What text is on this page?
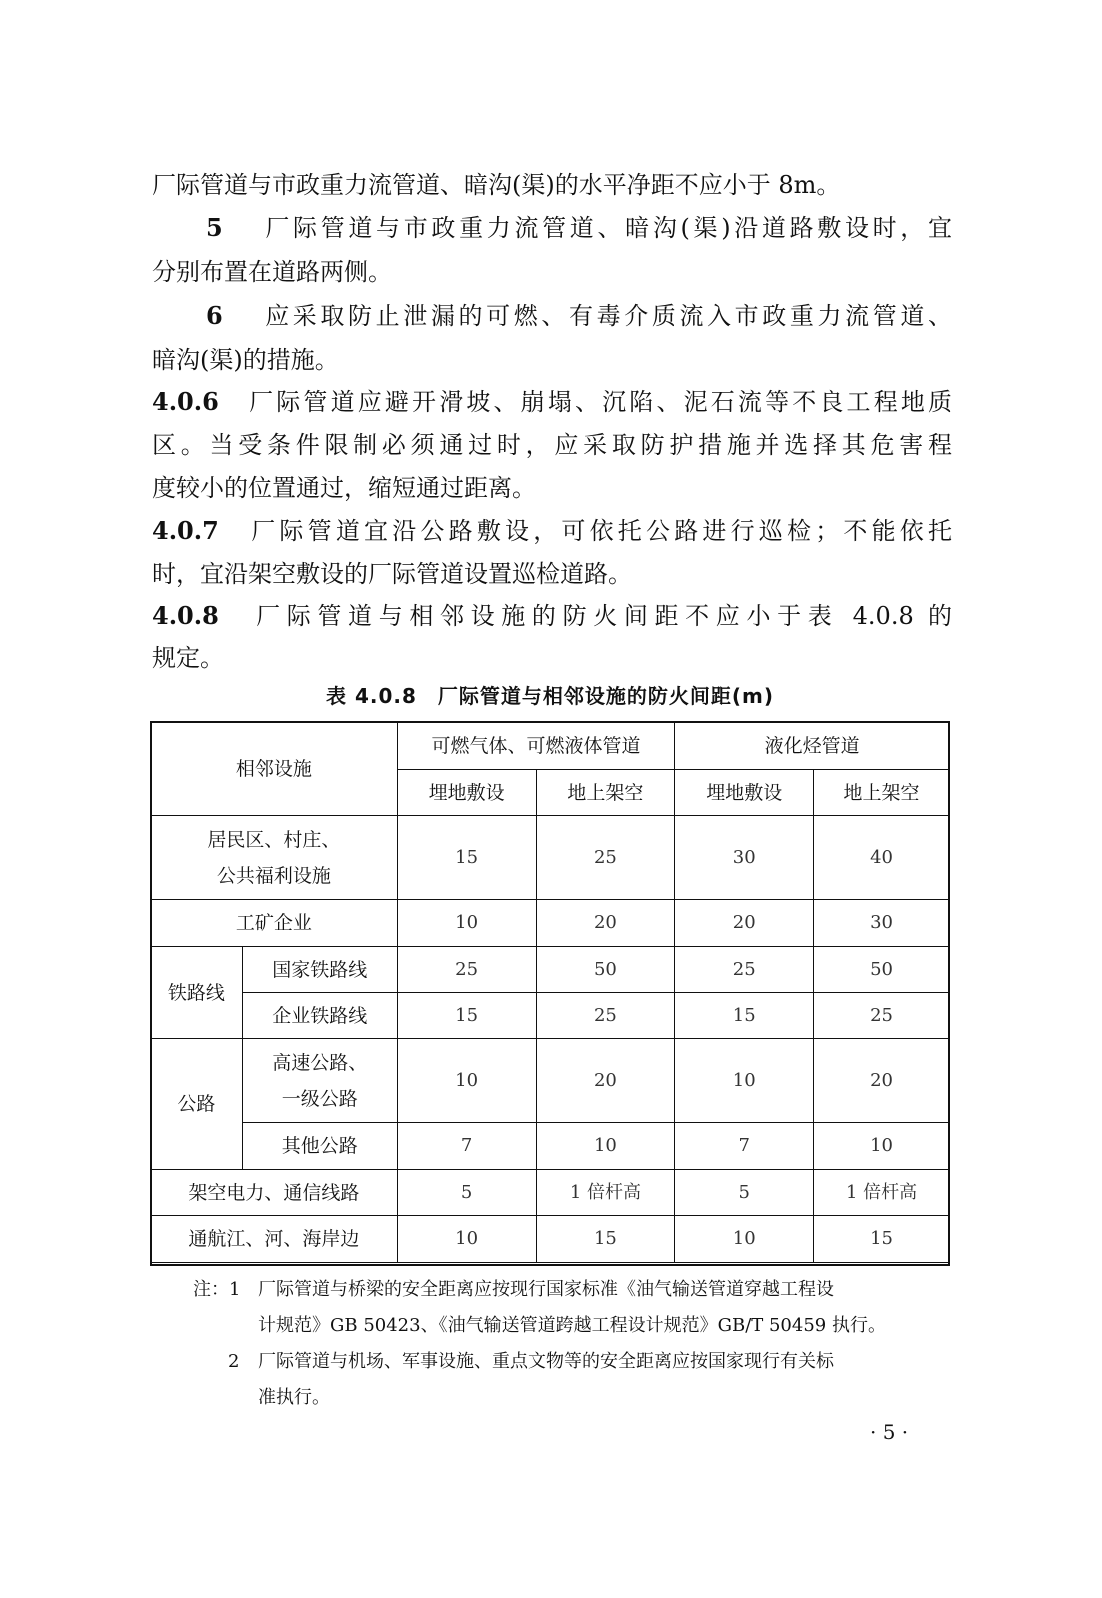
厂际管道与市政重力流管道、暗沟(渠)的水平净距不应小于 8m。
5　 厂际管道与市政重力流管道、暗沟(渠)沿道路敷设时，宜
分别布置在道路两侧。
6　 应采取防止泄漏的可燃、有毒介质流入市政重力流管道、
暗沟(渠)的措施。
4.0.6　 厂际管道应避开滑坡、崩塌、沉陷、泥石流等不良工程地质
区。当受条件限制必须通过时，应采取防护措施并选择其危害程
度较小的位置通过，缩短通过距离。
4.0.7　 厂际管道宜沿公路敷设，可依托公路进行巡检；不能依托
时，宜沿架空敷设的厂际管道设置巡检道路。
4.0.8　 厂际管道与相邻设施的防火间距不应小于表 4.0.8 的
规定。
表 4.0.8　厂际管道与相邻设施的防火间距(m)
相邻设施		可燃气体、可燃液体管道		液化烃管道	
		埋地敷设	地上架空	埋地敷设	地上架空

居民区、村庄、
公共福利设施		15	25	30	40
工矿企业		10	20	20	30
铁路线	国家铁路线	25	50	25	50
	企业铁路线	15	25	15	25
公路	高速公路、
一级公路	10	20	10	20
	其他公路	7	10	7	10
架空电力、通信线路		5	1 倍杆高	5	1 倍杆高
通航江、河、海岸边		10	15	10	15
注：1 厂际管道与桥梁的安全距离应按现行国家标准《油气输送管道穿越工程设
计规范》GB 50423、《油气输送管道跨越工程设计规范》GB/T 50459 执行。
2 厂际管道与机场、军事设施、重点文物等的安全距离应按国家现行有关标
准执行。
· 5 ·
